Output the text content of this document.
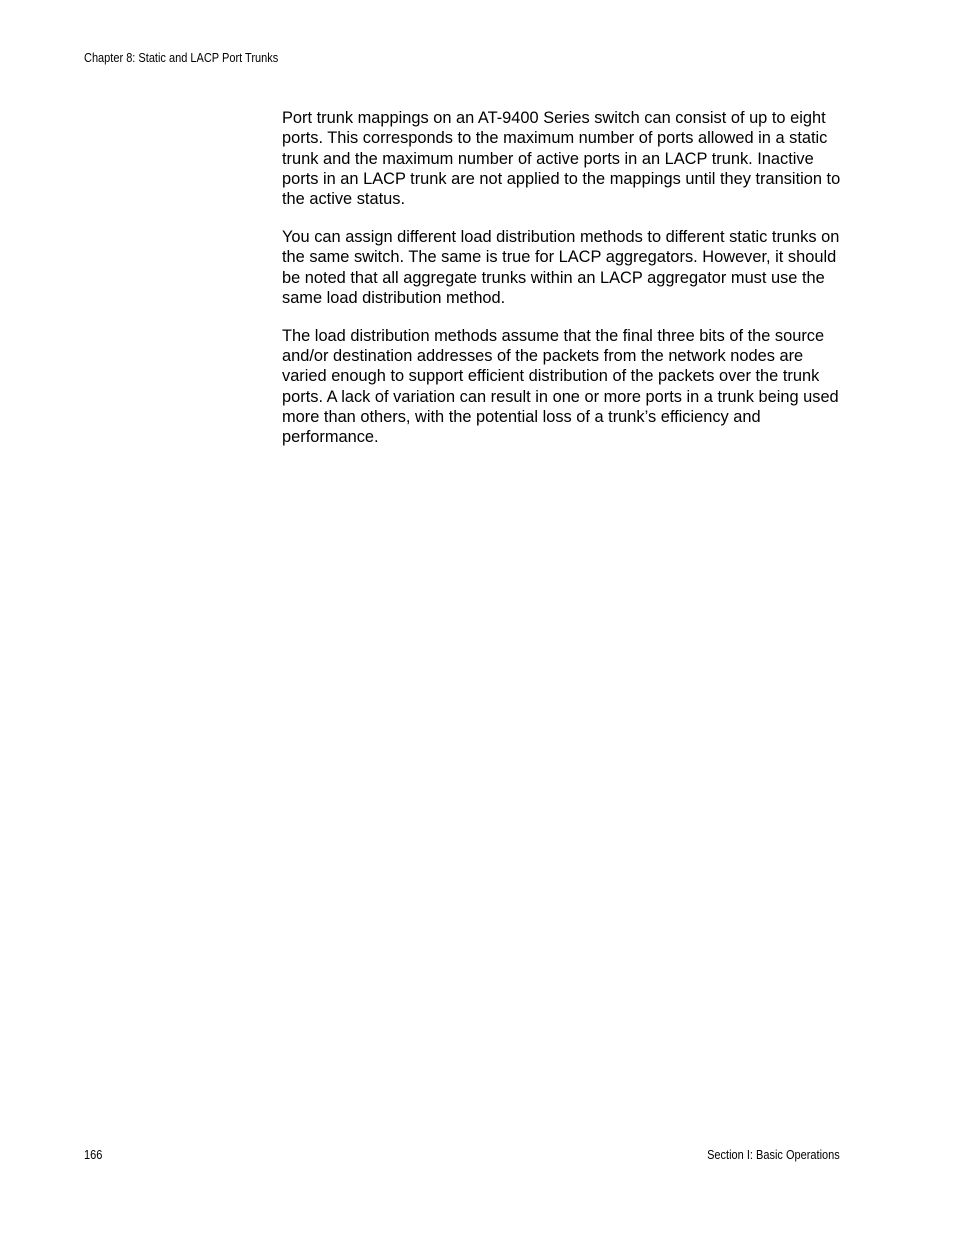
Chapter 8: Static and LACP Port Trunks

Port trunk mappings on an AT-9400 Series switch can consist of up to eight ports. This corresponds to the maximum number of ports allowed in a static trunk and the maximum number of active ports in an LACP trunk. Inactive ports in an LACP trunk are not applied to the mappings until they transition to the active status.

You can assign different load distribution methods to different static trunks on the same switch. The same is true for LACP aggregators. However, it should be noted that all aggregate trunks within an LACP aggregator must use the same load distribution method.

The load distribution methods assume that the final three bits of the source and/or destination addresses of the packets from the network nodes are varied enough to support efficient distribution of the packets over the trunk ports. A lack of variation can result in one or more ports in a trunk being used more than others, with the potential loss of a trunk’s efficiency and performance.

166	Section I: Basic Operations
